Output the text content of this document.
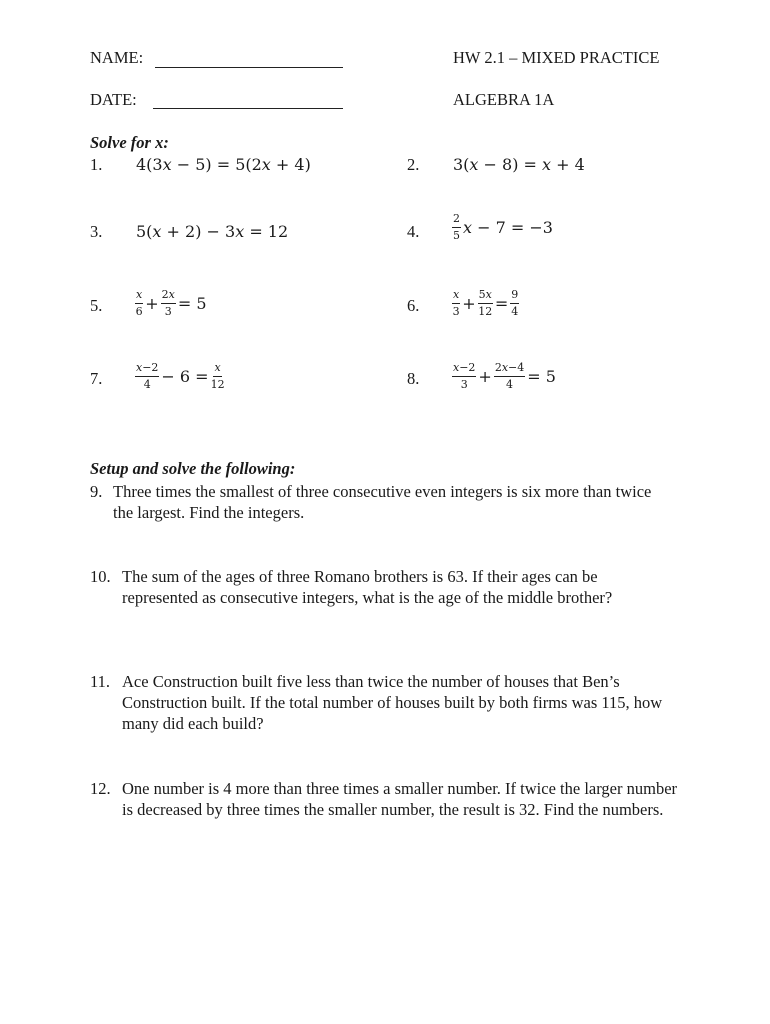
NAME:
DATE:
HW 2.1 – MIXED PRACTICE
ALGEBRA 1A
Solve for x:
1. 4(3𝑥 − 5) = 5(2𝑥 + 4)	2. 3(𝑥 − 8) = 𝑥 + 4
3. 5(𝑥 + 2) − 3𝑥 = 12	4.	$\frac{2}{5}$ 𝑥 − 7 = −3
5.	$\frac{\text{𝑥}}{6} + \frac{\text{2𝑥}}{3} = 5$	6.	$\frac{\text{𝑥}}{3} + \frac{\text{5𝑥}}{12} = \frac{9}{4}$
7.	$\frac{\text{𝑥−2}}{4} - 6 = \frac{\text{𝑥}}{12}$	8.	$\frac{\text{𝑥−2}}{3} + \frac{\text{2𝑥−4}}{4} = 5$
Setup and solve the following:
9. Three times the smallest of three consecutive even integers is six more than twice the largest. Find the integers.
10. The sum of the ages of three Romano brothers is 63. If their ages can be represented as consecutive integers, what is the age of the middle brother?
11. Ace Construction built five less than twice the number of houses that Ben’s Construction built. If the total number of houses built by both firms was 115, how many did each build?
12. One number is 4 more than three times a smaller number. If twice the larger number is decreased by three times the smaller number, the result is 32. Find the numbers.
